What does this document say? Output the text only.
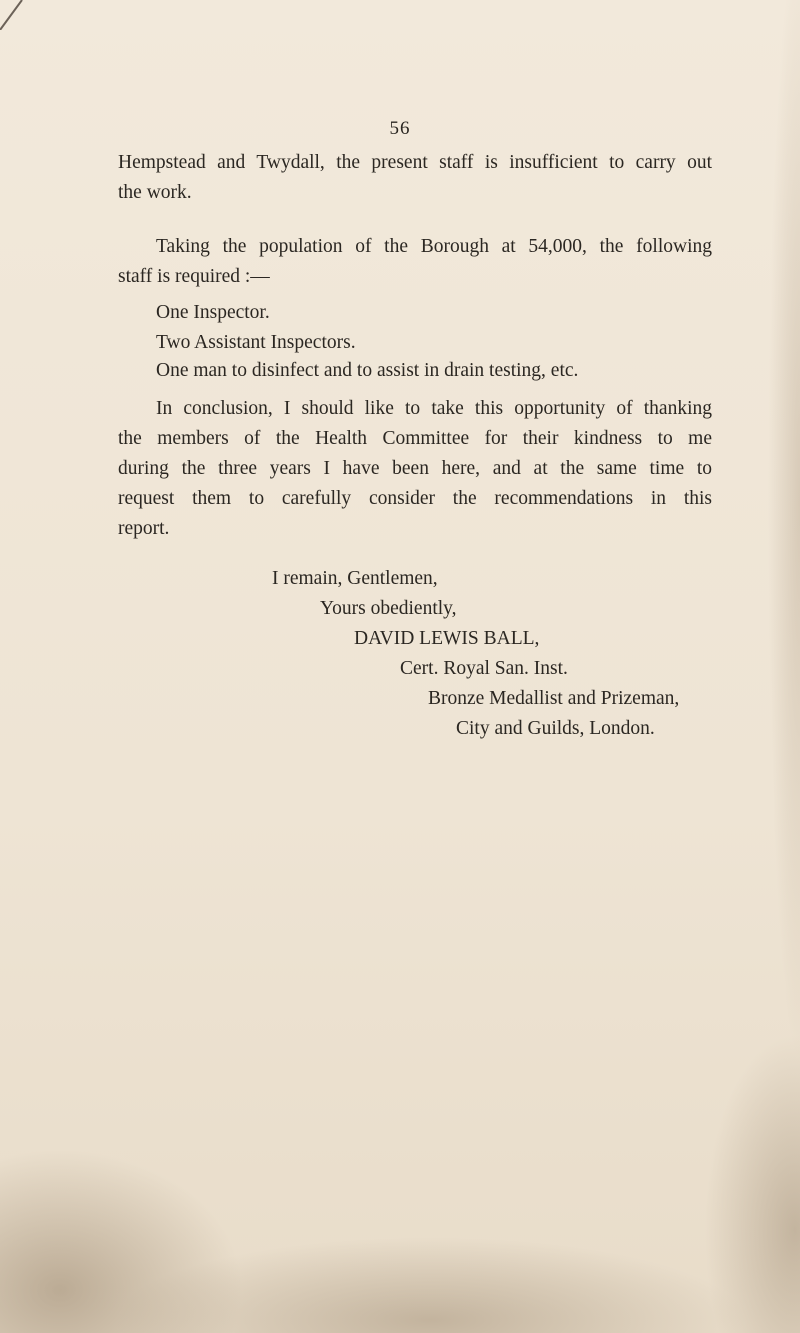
56
Hempstead and Twydall, the present staff is insufficient to carry out
the work.
Taking the population of the Borough at 54,000, the following
staff is required :—
One Inspector.
Two Assistant Inspectors.
One man to disinfect and to assist in drain testing, etc.
In conclusion, I should like to take this opportunity of thanking
the members of the Health Committee for their kindness to me
during the three years I have been here, and at the same time to
request them to carefully consider the recommendations in this
report.
I remain, Gentlemen,
Yours obediently,
DAVID LEWIS BALL,
Cert. Royal San. Inst.
Bronze Medallist and Prizeman,
City and Guilds, London.
